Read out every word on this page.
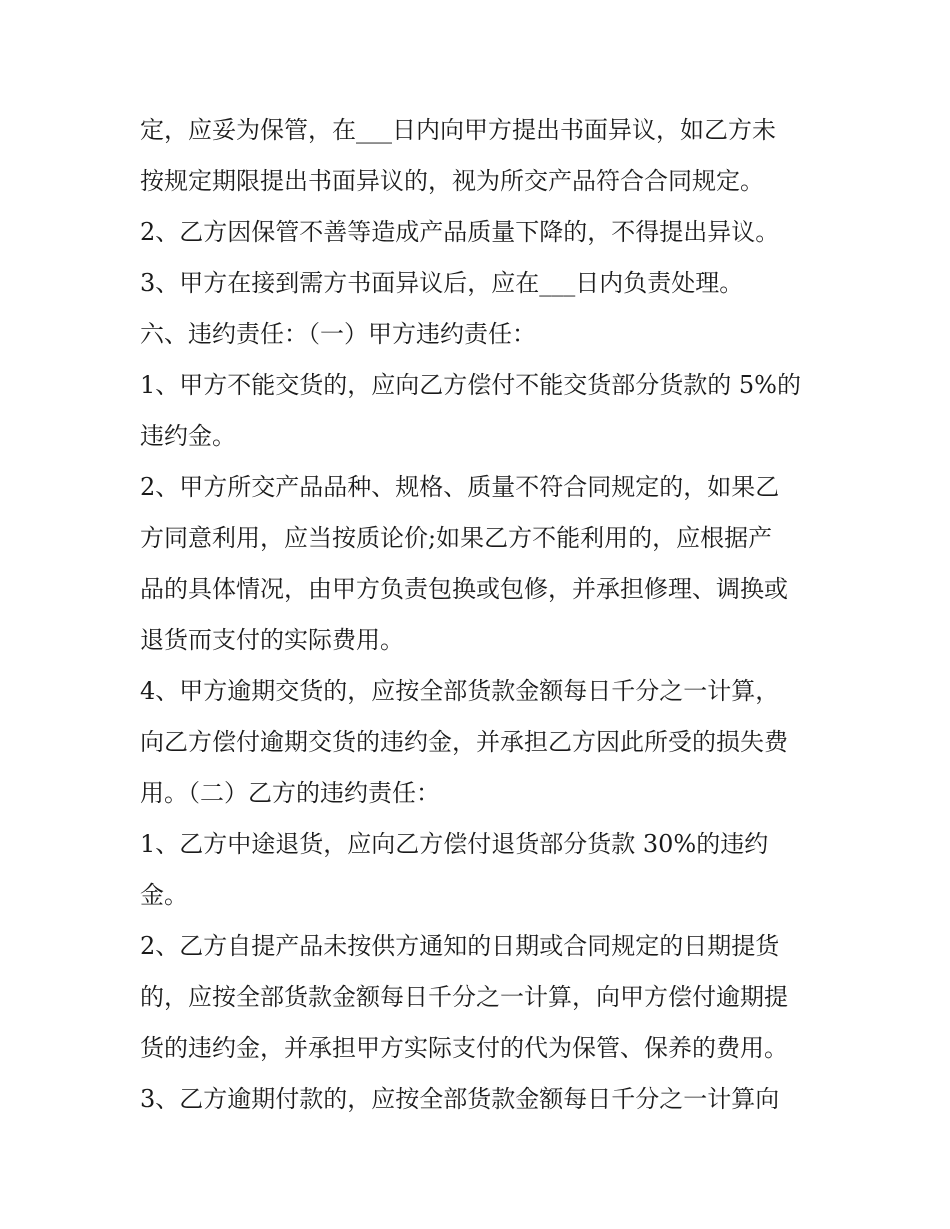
定，应妥为保管，在___日内向甲方提出书面异议，如乙方未
按规定期限提出书面异议的，视为所交产品符合合同规定。
2、乙方因保管不善等造成产品质量下降的，不得提出异议。
3、甲方在接到需方书面异议后，应在___日内负责处理。
六、违约责任：（一）甲方违约责任：
1、甲方不能交货的，应向乙方偿付不能交货部分货款的 5%的
违约金。
2、甲方所交产品品种、规格、质量不符合同规定的，如果乙
方同意利用，应当按质论价;如果乙方不能利用的，应根据产
品的具体情况，由甲方负责包换或包修，并承担修理、调换或
退货而支付的实际费用。
4、甲方逾期交货的，应按全部货款金额每日千分之一计算，
向乙方偿付逾期交货的违约金，并承担乙方因此所受的损失费
用。（二）乙方的违约责任：
1、乙方中途退货，应向乙方偿付退货部分货款 30%的违约
金。
2、乙方自提产品未按供方通知的日期或合同规定的日期提货
的，应按全部货款金额每日千分之一计算，向甲方偿付逾期提
货的违约金，并承担甲方实际支付的代为保管、保养的费用。
3、乙方逾期付款的，应按全部货款金额每日千分之一计算向
